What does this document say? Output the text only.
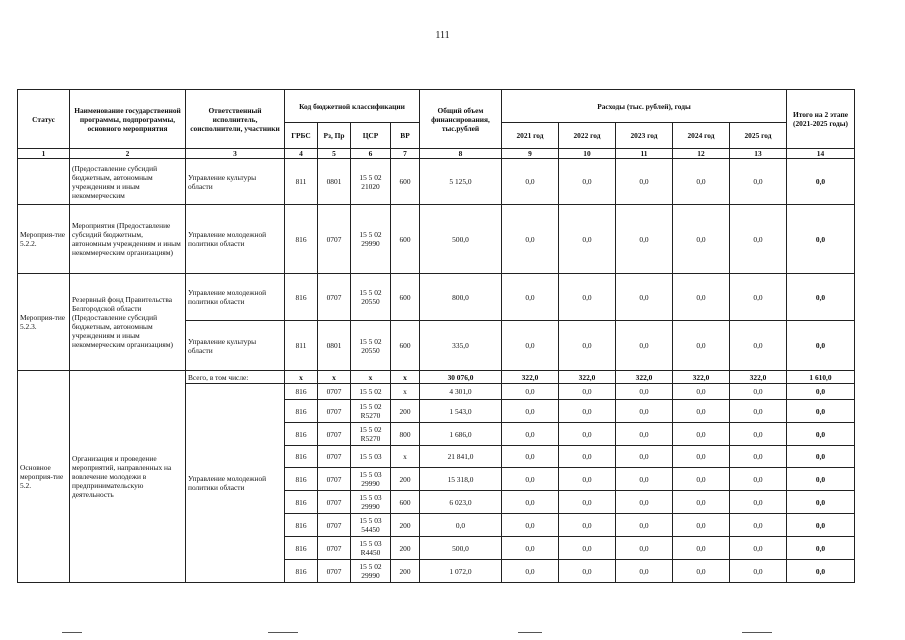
111
Статус	Наименование государственной программы, подпрограммы, основного мероприятия	Ответственный исполнитель, соисполнители, участники	Код бюджетной классификации				Общий объем финансирования, тыс.рублей	Расходы (тыс. рублей), годы					Итого на 2 этапе (2021-2025 годы)
			ГРБС	Рз, Пр	ЦСР	ВР		2021 год	2022 год	2023 год	2024 год	2025 год	
1	2	3	4	5	6	7	8	9	10	11	12	13	14
	(Предоставление субсидий бюджетным, автономным учреждениям и иным некоммерческим	Управление культуры области	811	0801	15 5 02 21020	600	5 125,0	0,0	0,0	0,0	0,0	0,0	0,0
Мероприя-тие 5.2.2.	Мероприятия (Предоставление субсидий бюджетным, автономным учреждениям и иным некоммерческим организациям)	Управление молодежной политики области	816	0707	15 5 02 29990	600	500,0	0,0	0,0	0,0	0,0	0,0	0,0
Мероприя-тие 5.2.3.	Резервный фонд Правительства Белгородской области (Предоставление субсидий бюджетным, автономным учреждениям и иным некоммерческим организациям)	Управление молодежной политики области	816	0707	15 5 02 20550	600	800,0	0,0	0,0	0,0	0,0	0,0	0,0
		Управление культуры области	811	0801	15 5 02 20550	600	335,0	0,0	0,0	0,0	0,0	0,0	0,0
Основное мероприя-тие 5.2.	Организация и проведение мероприятий, направленных на вовлечение молодежи в предпринимательскую деятельность	Всего, в том числе:	x	x	x	x	30 076,0	322,0	322,0	322,0	322,0	322,0	1 610,0
		Управление молодежной политики области	816	0707	15 5 02	x	4 301,0	0,0	0,0	0,0	0,0	0,0	0,0
			816	0707	15 5 02 R5270	200	1 543,0	0,0	0,0	0,0	0,0	0,0	0,0
			816	0707	15 5 02 R5270	800	1 686,0	0,0	0,0	0,0	0,0	0,0	0,0
			816	0707	15 5 03	x	21 841,0	0,0	0,0	0,0	0,0	0,0	0,0
			816	0707	15 5 03 29990	200	15 318,0	0,0	0,0	0,0	0,0	0,0	0,0
			816	0707	15 5 03 29990	600	6 023,0	0,0	0,0	0,0	0,0	0,0	0,0
			816	0707	15 5 03 54450	200	0,0	0,0	0,0	0,0	0,0	0,0	0,0
			816	0707	15 5 03 R4450	200	500,0	0,0	0,0	0,0	0,0	0,0	0,0
			816	0707	15 5 02 29990	200	1 072,0	0,0	0,0	0,0	0,0	0,0	0,0
